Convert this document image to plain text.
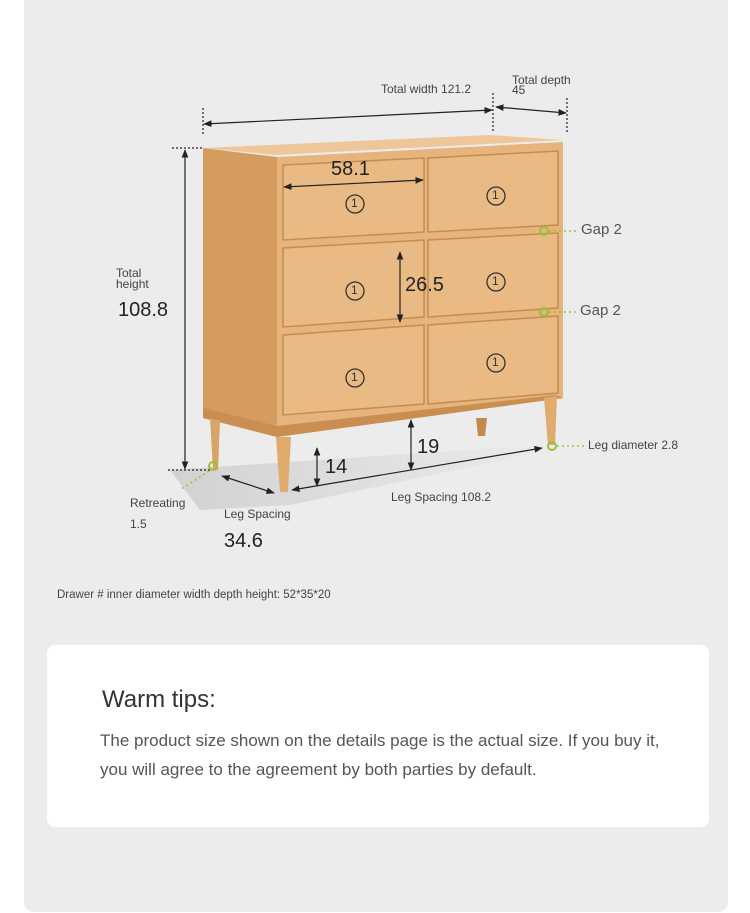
Total width 121.2
Total depth
45
Total
height
108.8
58.1
26.5
Gap 2
Gap 2
Leg diameter 2.8
14
19
Leg Spacing 108.2
Retreating
1.5
Leg Spacing
34.6
1
1
1
1
1
1
Drawer # inner diameter width depth height: 52*35*20
Warm tips:
The product size shown on the details page is the actual size. If you buy it, you will agree to the agreement by both parties by default.
